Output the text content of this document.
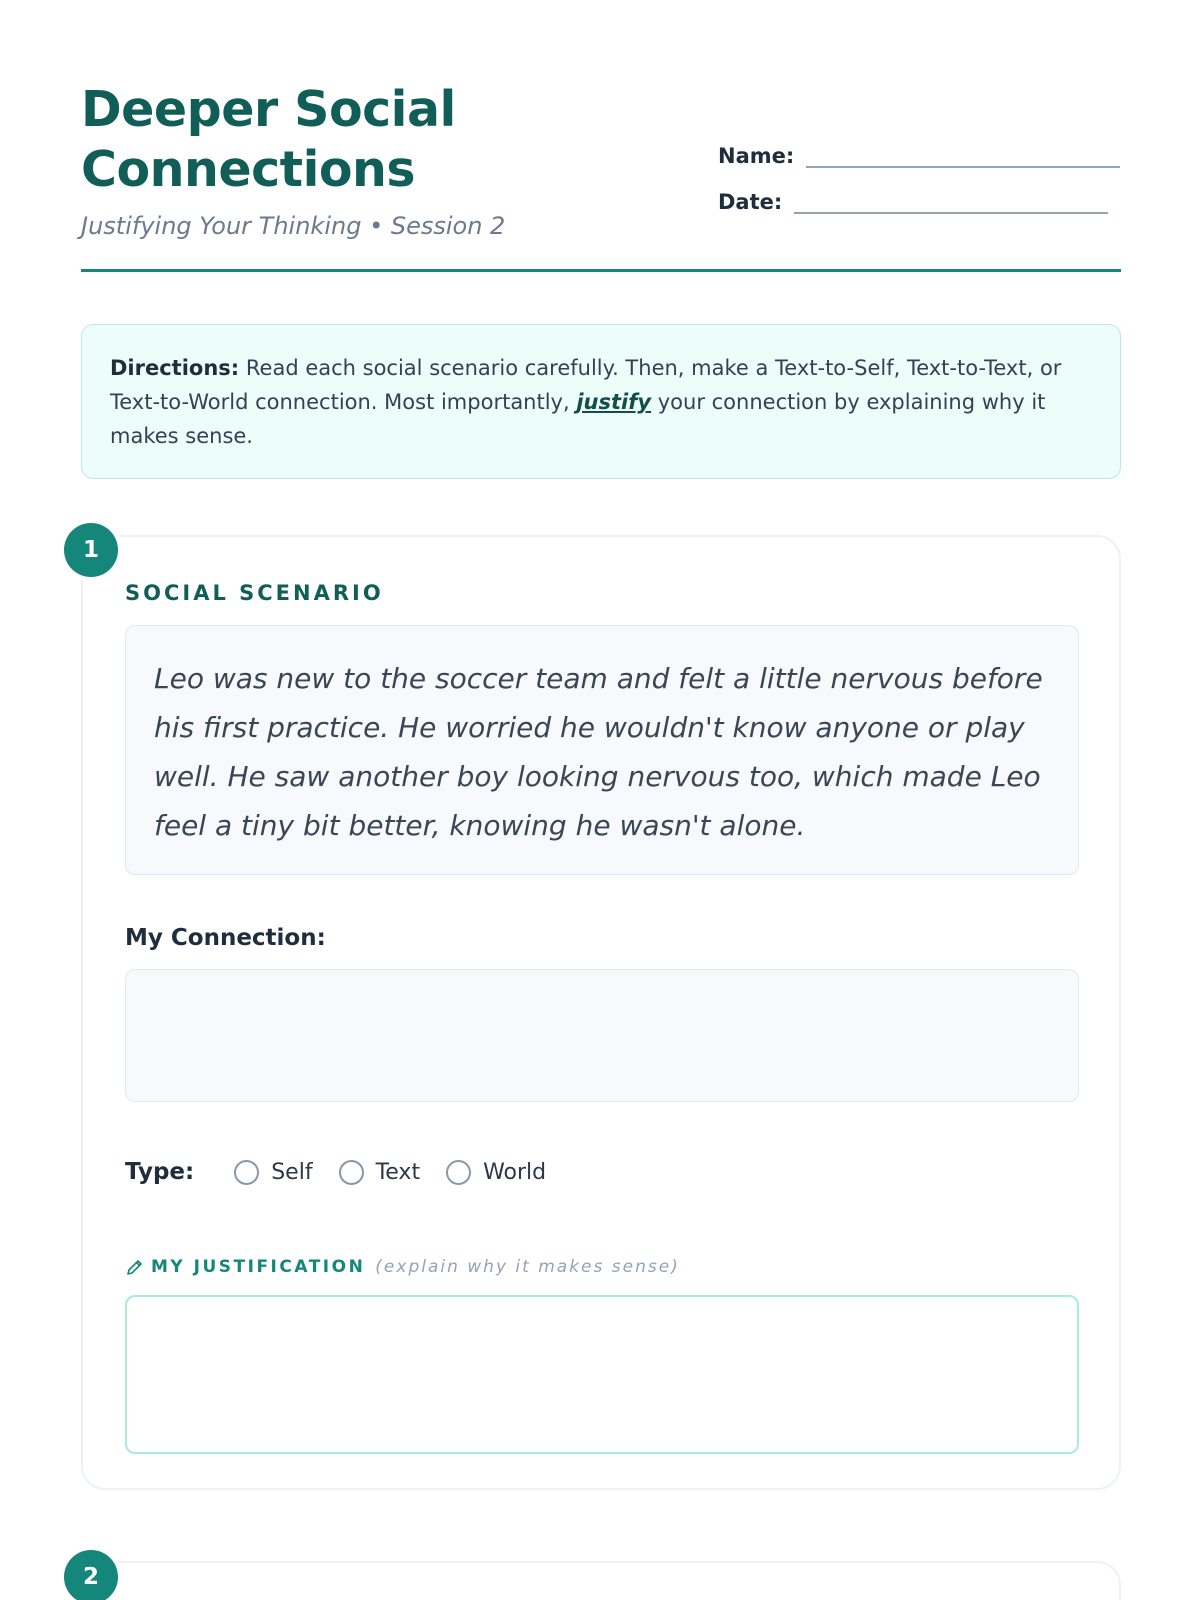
Deeper Social
Connections
Justifying Your Thinking • Session 2
Name:
Date:
Directions: Read each social scenario carefully. Then, make a Text-to-Self, Text-to-Text, or Text-to-World connection. Most importantly, justify your connection by explaining why it makes sense.
SOCIAL SCENARIO
Leo was new to the soccer team and felt a little nervous before his first practice. He worried he wouldn't know anyone or play well. He saw another boy looking nervous too, which made Leo feel a tiny bit better, knowing he wasn't alone.
My Connection:
Type:	Self	Text	World
MY JUSTIFICATION (explain why it makes sense)
1
2
